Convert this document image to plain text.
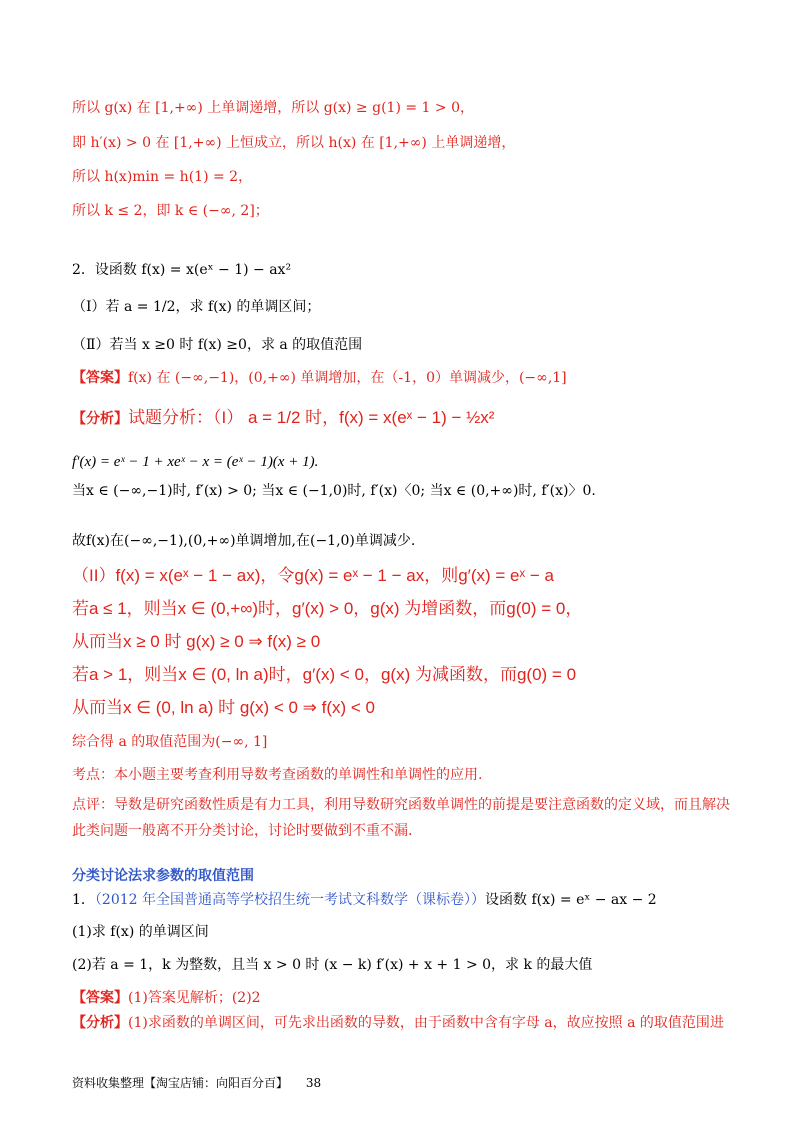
所以 g(x) 在 [1,+∞) 上单调递增，所以 g(x) ≥ g(1) = 1 > 0，
即 h′(x) > 0 在 [1,+∞) 上恒成立，所以 h(x) 在 [1,+∞) 上单调递增，
所以 h(x)min = h(1) = 2，
所以 k ≤ 2，即 k ∈ (−∞, 2]；
2．设函数 f(x) = x(eˣ − 1) − ax²
（Ⅰ）若 a = 1/2，求 f(x) 的单调区间；
（Ⅱ）若当 x ≥0 时 f(x) ≥0，求 a 的取值范围
【答案】f(x) 在 (−∞,−1)，(0,+∞) 单调增加，在（-1，0）单调减少，(−∞,1]
【分析】试题分析：（I） a = 1/2 时，f(x) = x(eˣ − 1) − ½x²
f′(x) = eˣ − 1 + xeˣ − x = (eˣ − 1)(x + 1).
当x ∈ (−∞,−1)时, f′(x) > 0; 当x ∈ (−1,0)时, f′(x)〈0; 当x ∈ (0,+∞)时, f′(x)〉0.
故f(x)在(−∞,−1),(0,+∞)单调增加,在(−1,0)单调减少.
（II）f(x) = x(eˣ − 1 − ax)，令g(x) = eˣ − 1 − ax，则g′(x) = eˣ − a
若a ≤ 1，则当x ∈ (0,+∞)时，g′(x) > 0，g(x) 为增函数，而g(0) = 0，
从而当x ≥ 0 时 g(x) ≥ 0 ⇒ f(x) ≥ 0
若a > 1，则当x ∈ (0, ln a)时，g′(x) < 0，g(x) 为减函数，而g(0) = 0
从而当x ∈ (0, ln a) 时 g(x) < 0 ⇒ f(x) < 0
综合得 a 的取值范围为(−∞, 1]
考点：本小题主要考查利用导数考查函数的单调性和单调性的应用.
点评：导数是研究函数性质是有力工具，利用导数研究函数单调性的前提是要注意函数的定义域，而且解决此类问题一般离不开分类讨论，讨论时要做到不重不漏.
分类讨论法求参数的取值范围
1．（2012 年全国普通高等学校招生统一考试文科数学（课标卷））设函数 f(x) = eˣ − ax − 2
(1)求 f(x) 的单调区间
(2)若 a = 1，k 为整数，且当 x > 0 时 (x − k) f′(x) + x + 1 > 0，求 k 的最大值
【答案】(1)答案见解析；(2)2
【分析】(1)求函数的单调区间，可先求出函数的导数，由于函数中含有字母 a，故应按照 a 的取值范围进
资料收集整理【淘宝店铺：向阳百分百】 38
